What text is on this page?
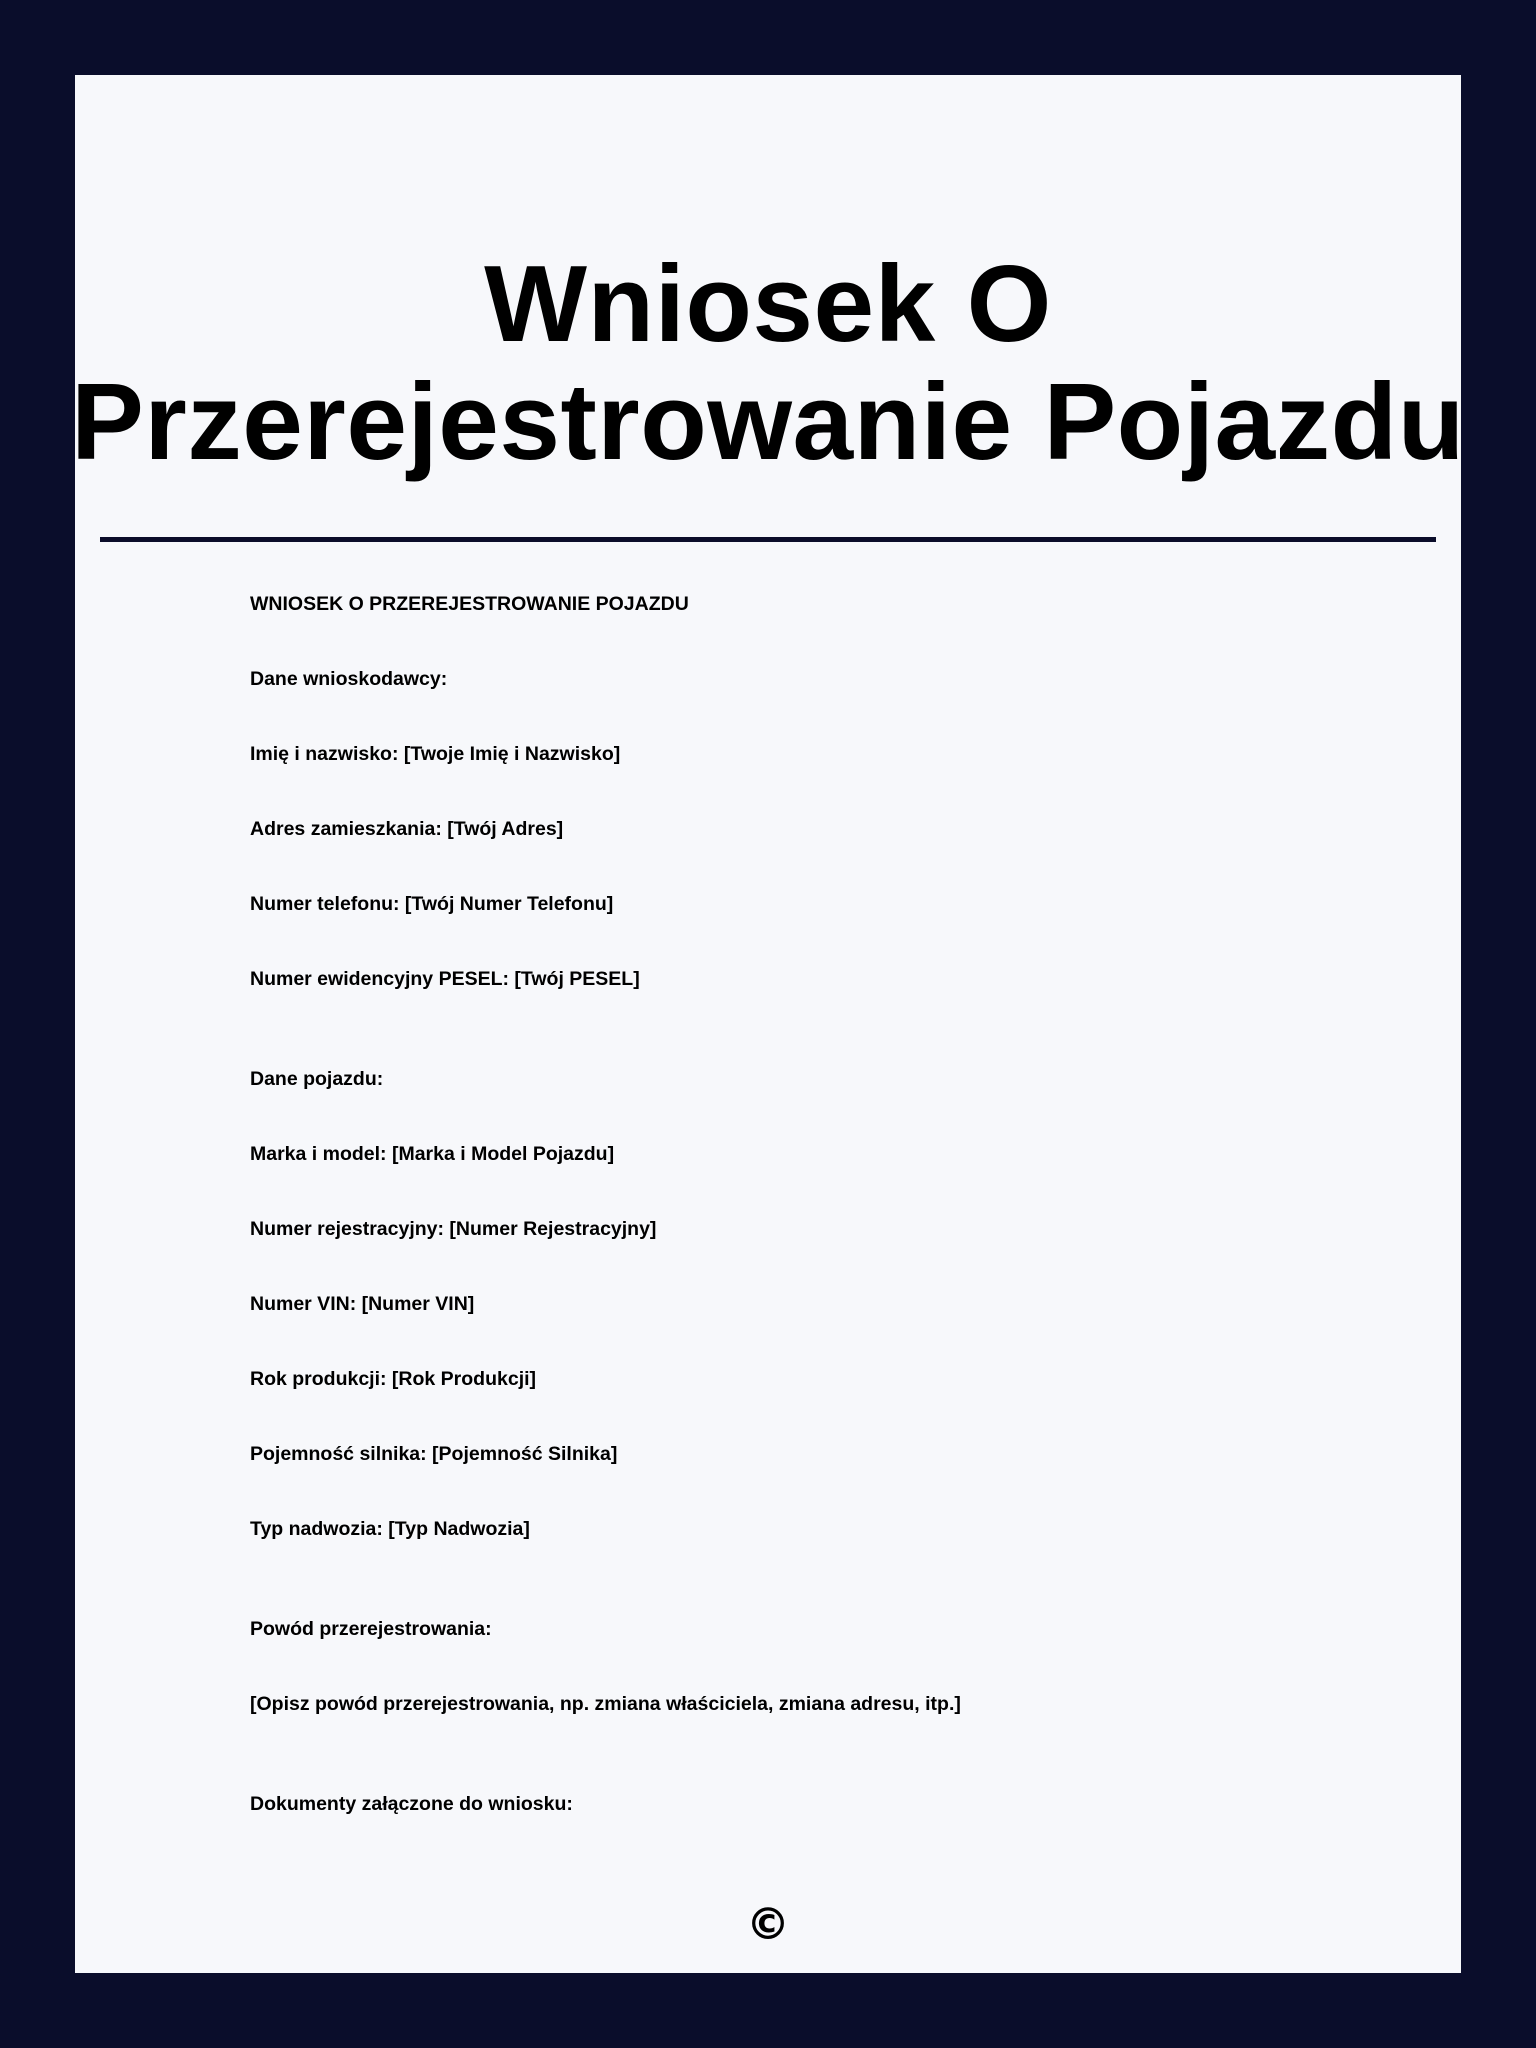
Wniosek O Przerejestrowanie Pojazdu

WNIOSEK O PRZEREJESTROWANIE POJAZDU

Dane wnioskodawcy:

Imię i nazwisko: [Twoje Imię i Nazwisko]

Adres zamieszkania: [Twój Adres]

Numer telefonu: [Twój Numer Telefonu]

Numer ewidencyjny PESEL: [Twój PESEL]

Dane pojazdu:

Marka i model: [Marka i Model Pojazdu]

Numer rejestracyjny: [Numer Rejestracyjny]

Numer VIN: [Numer VIN]

Rok produkcji: [Rok Produkcji]

Pojemność silnika: [Pojemność Silnika]

Typ nadwozia: [Typ Nadwozia]

Powód przerejestrowania:

[Opisz powód przerejestrowania, np. zmiana właściciela, zmiana adresu, itp.]

Dokumenty załączone do wniosku:

©
